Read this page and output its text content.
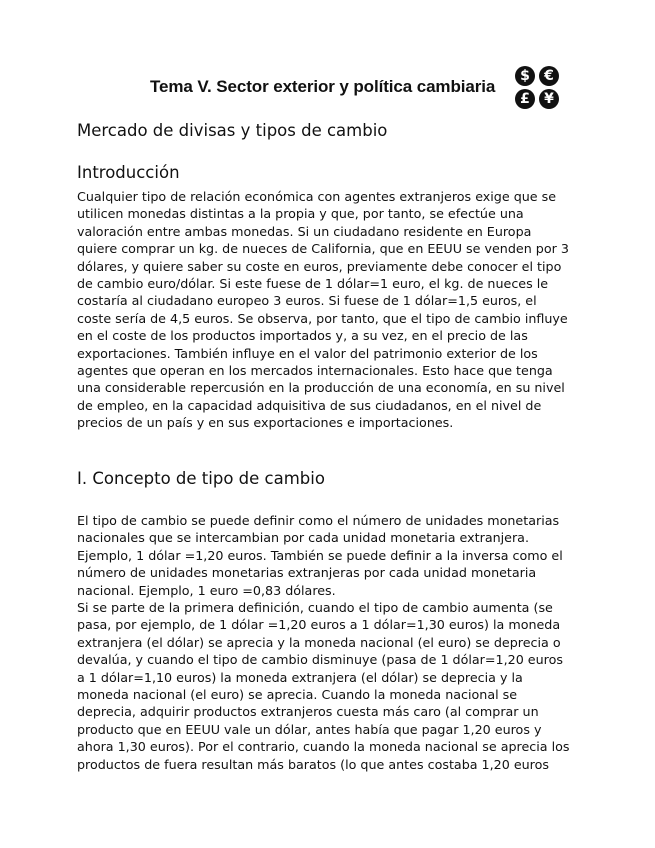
Tema V. Sector exterior y política cambiaria
$	€
£	¥
Mercado de divisas y tipos de cambio
Introducción
Cualquier tipo de relación económica con agentes extranjeros exige que se
utilicen monedas distintas a la propia y que, por tanto, se efectúe una
valoración entre ambas monedas. Si un ciudadano residente en Europa
quiere comprar un kg. de nueces de California, que en EEUU se venden por 3
dólares, y quiere saber su coste en euros, previamente debe conocer el tipo
de cambio euro/dólar. Si este fuese de 1 dólar=1 euro, el kg. de nueces le
costaría al ciudadano europeo 3 euros. Si fuese de 1 dólar=1,5 euros, el
coste sería de 4,5 euros. Se observa, por tanto, que el tipo de cambio influye
en el coste de los productos importados y, a su vez, en el precio de las
exportaciones. También influye en el valor del patrimonio exterior de los
agentes que operan en los mercados internacionales. Esto hace que tenga
una considerable repercusión en la producción de una economía, en su nivel
de empleo, en la capacidad adquisitiva de sus ciudadanos, en el nivel de
precios de un país y en sus exportaciones e importaciones.
I. Concepto de tipo de cambio
El tipo de cambio se puede definir como el número de unidades monetarias
nacionales que se intercambian por cada unidad monetaria extranjera.
Ejemplo, 1 dólar =1,20 euros. También se puede definir a la inversa como el
número de unidades monetarias extranjeras por cada unidad monetaria
nacional. Ejemplo, 1 euro =0,83 dólares.
Si se parte de la primera definición, cuando el tipo de cambio aumenta (se
pasa, por ejemplo, de 1 dólar =1,20 euros a 1 dólar=1,30 euros) la moneda
extranjera (el dólar) se aprecia y la moneda nacional (el euro) se deprecia o
devalúa, y cuando el tipo de cambio disminuye (pasa de 1 dólar=1,20 euros
a 1 dólar=1,10 euros) la moneda extranjera (el dólar) se deprecia y la
moneda nacional (el euro) se aprecia. Cuando la moneda nacional se
deprecia, adquirir productos extranjeros cuesta más caro (al comprar un
producto que en EEUU vale un dólar, antes había que pagar 1,20 euros y
ahora 1,30 euros). Por el contrario, cuando la moneda nacional se aprecia los
productos de fuera resultan más baratos (lo que antes costaba 1,20 euros
